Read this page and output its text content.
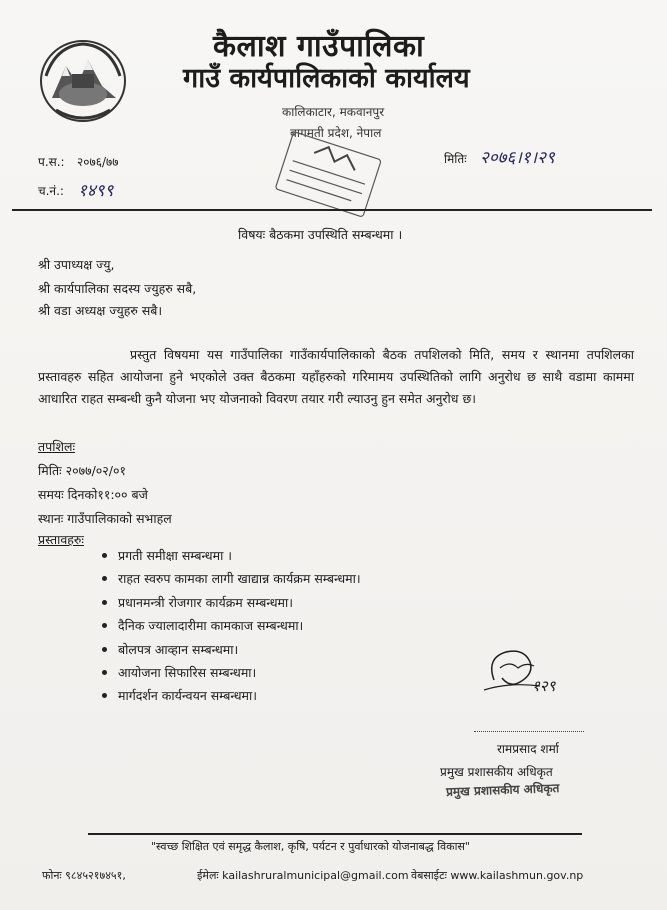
कैलाश गाउँपालिका
गाउँ कार्यपालिकाको कार्यालय
कालिकाटार, मकवानपुर
बागमती प्रदेश, नेपाल
प.स.: २०७६/७७
च.नं.: १४९९
मितिः २०७६।१।२९
विषयः बैठकमा उपस्थिति सम्बन्धमा ।
श्री उपाध्यक्ष ज्यु,
श्री कार्यपालिका सदस्य ज्युहरु सबै,
श्री वडा अध्यक्ष ज्युहरु सबै।
प्रस्तुत विषयमा यस गाउँपालिका गाउँकार्यपालिकाको बैठक तपशिलको मिति, समय र स्थानमा तपशिलका प्रस्तावहरु सहित आयोजना हुने भएकोले उक्त बैठकमा यहाँहरुको गरिमामय उपस्थितिको लागि अनुरोध छ साथै वडामा काममा आधारित राहत सम्बन्धी कुनै योजना भए योजनाको विवरण तयार गरी ल्याउनु हुन समेत अनुरोध छ।
तपशिलः
मितिः २०७७/०२/०१
समयः दिनको११:०० बजे
स्थानः गाउँपालिकाको सभाहल
प्रस्तावहरुः
प्रगती समीक्षा सम्बन्धमा ।
राहत स्वरुप कामका लागी खाद्यान्न कार्यक्रम सम्बन्धमा।
प्रधानमन्त्री रोजगार कार्यक्रम सम्बन्धमा।
दैनिक ज्यालादारीमा कामकाज सम्बन्धमा।
बोलपत्र आव्हान सम्बन्धमा।
आयोजना सिफारिस सम्बन्धमा।
मार्गदर्शन कार्यन्वयन सम्बन्धमा।
१२९
रामप्रसाद शर्मा
प्रमुख प्रशासकीय अधिकृत
प्रमुख प्रशासकीय अधिकृत
"स्वच्छ शिक्षित एवं समृद्ध कैलाश, कृषि, पर्यटन र पुर्वाधारको योजनाबद्ध विकास"
फोनः ९८४५२१७४५१,	ईमेलः kailashruralmunicipal@gmail.com वेबसाईटः www.kailashmun.gov.np
